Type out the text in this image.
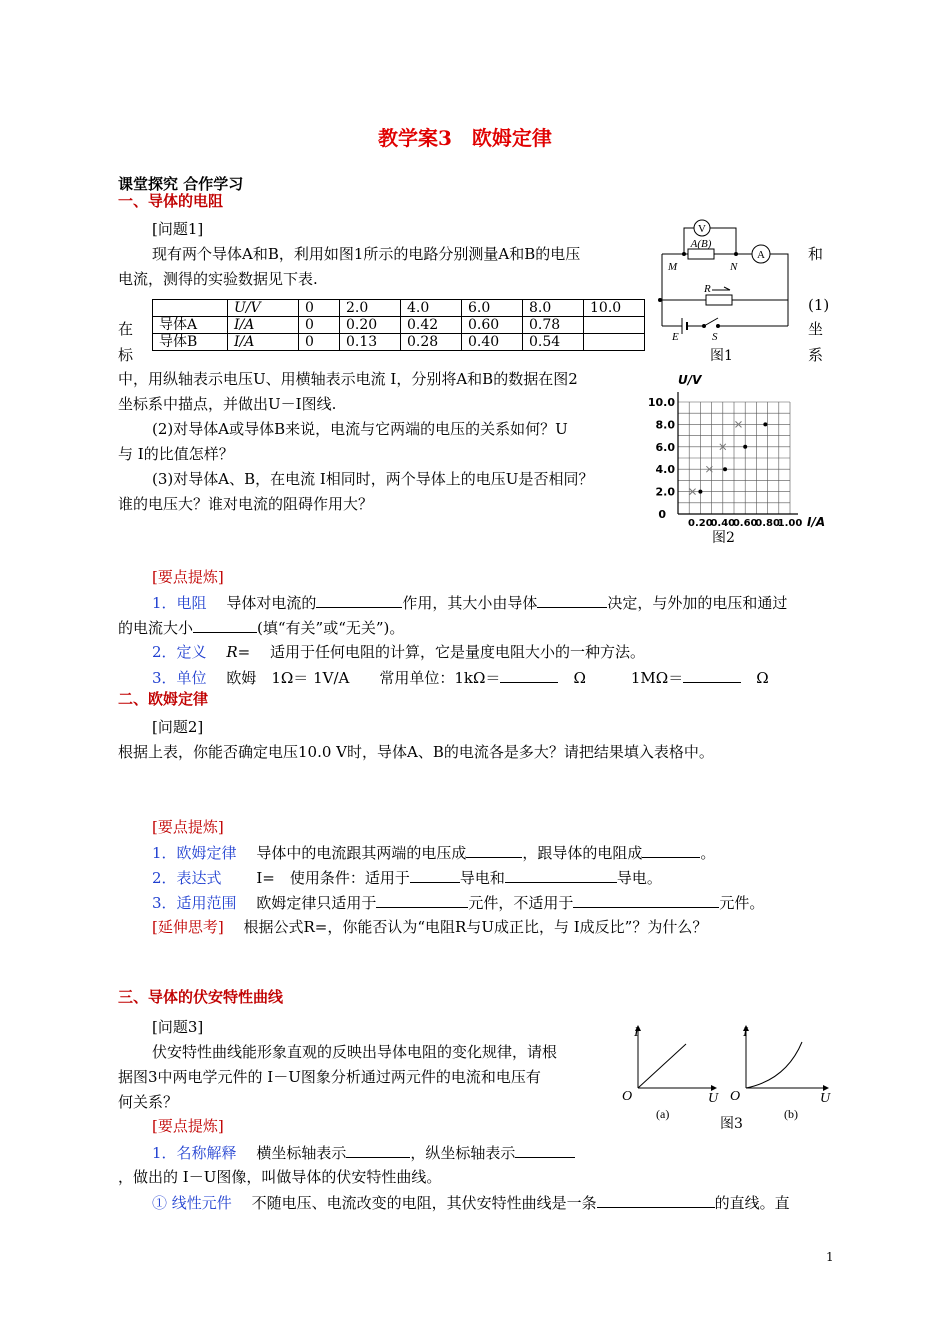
教学案3　欧姆定律
课堂探究 合作学习
一、导体的电阻
[问题1]
现有两个导体A和B，利用如图1所示的电路分别测量A和B的电压
电流，测得的实验数据见下表.
和
(1)
坐
系
在
标
	U/V	0	2.0	4.0	6.0	8.0	10.0
导体A	I/A	0	0.20	0.42	0.60	0.78	
导体B	I/A	0	0.13	0.28	0.40	0.54	
V
A
A(B)
M	N
R
E	S
图1
中，用纵轴表示电压U、用横轴表示电流 I，分别将A和B的数据在图2
坐标系中描点，并做出U－I图线.
(2)对导体A或导体B来说，电流与它两端的电压的关系如何？U
与 I的比值怎样？
(3)对导体A、B，在电流 I相同时，两个导体上的电压U是否相同？
谁的电压大？谁对电流的阻碍作用大？
0.20
0.40
0.60
0.80
1.00
2.0
4.0
6.0
8.0
10.0
U/V
I/A
0
图2
[要点提炼]
1．电阻　 导体对电流的	作用，其大小由导体	决定，与外加的电压和通过
的电流大小	(填“有关”或“无关”)。
2．定义　 R=　 适用于任何电阻的计算，它是量度电阻大小的一种方法。
3．单位　 欧姆　1Ω＝ 1V/A　　常用单位：1kΩ＝　	Ω　　　	1MΩ＝　	Ω
二、欧姆定律
[问题2]
根据上表，你能否确定电压10.0 V时，导体A、B的电流各是多大？请把结果填入表格中。
[要点提炼]
1．欧姆定律　 导体中的电流跟其两端的电压成	，跟导体的电阻成	。
2．表达式　　 I=　使用条件：适用于	导电和	导电。
3．适用范围　 欧姆定律只适用于	元件，不适用于	元件。
[延伸思考]　 根据公式R=，你能否认为“电阻R与U成正比，与 I成反比”？为什么？
三、导体的伏安特性曲线
[问题3]
伏安特性曲线能形象直观的反映出导体电阻的变化规律，请根
据图3中两电学元件的 I－U图象分析通过两元件的电流和电压有
何关系？
[要点提炼]
1．名称解释　 横坐标轴表示	，纵坐标轴表示
，做出的 I－U图像，叫做导体的伏安特性曲线。
① 线性元件　 不随电压、电流改变的电阻，其伏安特性曲线是一条	的直线。直
I
O	U
I
O	U
(a)	(b)
图3
1
